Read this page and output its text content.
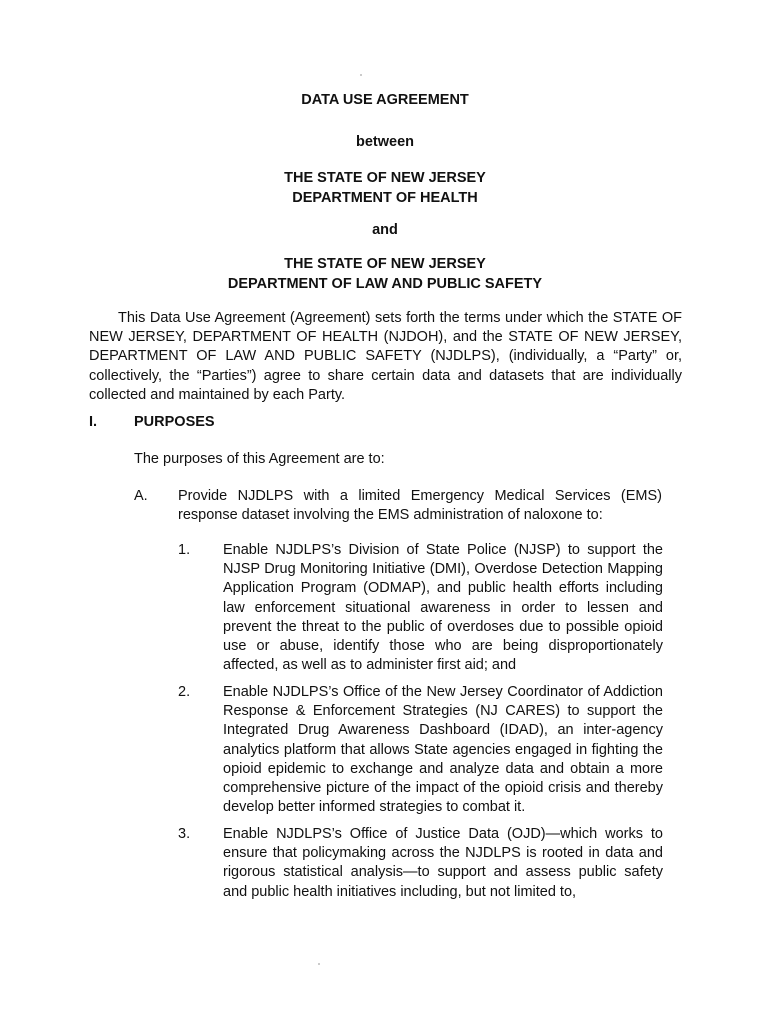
DATA USE AGREEMENT
between
THE STATE OF NEW JERSEY
DEPARTMENT OF HEALTH
and
THE STATE OF NEW JERSEY
DEPARTMENT OF LAW AND PUBLIC SAFETY
This Data Use Agreement (Agreement) sets forth the terms under which the STATE OF NEW JERSEY, DEPARTMENT OF HEALTH (NJDOH), and the STATE OF NEW JERSEY, DEPARTMENT OF LAW AND PUBLIC SAFETY (NJDLPS), (individually, a “Party” or, collectively, the “Parties”) agree to share certain data and datasets that are individually collected and maintained by each Party.
I.	PURPOSES
The purposes of this Agreement are to:
A. Provide NJDLPS with a limited Emergency Medical Services (EMS) response dataset involving the EMS administration of naloxone to:
1. Enable NJDLPS’s Division of State Police (NJSP) to support the NJSP Drug Monitoring Initiative (DMI), Overdose Detection Mapping Application Program (ODMAP), and public health efforts including law enforcement situational awareness in order to lessen and prevent the threat to the public of overdoses due to possible opioid use or abuse, identify those who are being disproportionately affected, as well as to administer first aid; and
2. Enable NJDLPS’s Office of the New Jersey Coordinator of Addiction Response & Enforcement Strategies (NJ CARES) to support the Integrated Drug Awareness Dashboard (IDAD), an inter-agency analytics platform that allows State agencies engaged in fighting the opioid epidemic to exchange and analyze data and obtain a more comprehensive picture of the impact of the opioid crisis and thereby develop better informed strategies to combat it.
3. Enable NJDLPS’s Office of Justice Data (OJD)—which works to ensure that policymaking across the NJDLPS is rooted in data and rigorous statistical analysis—to support and assess public safety and public health initiatives including, but not limited to,
